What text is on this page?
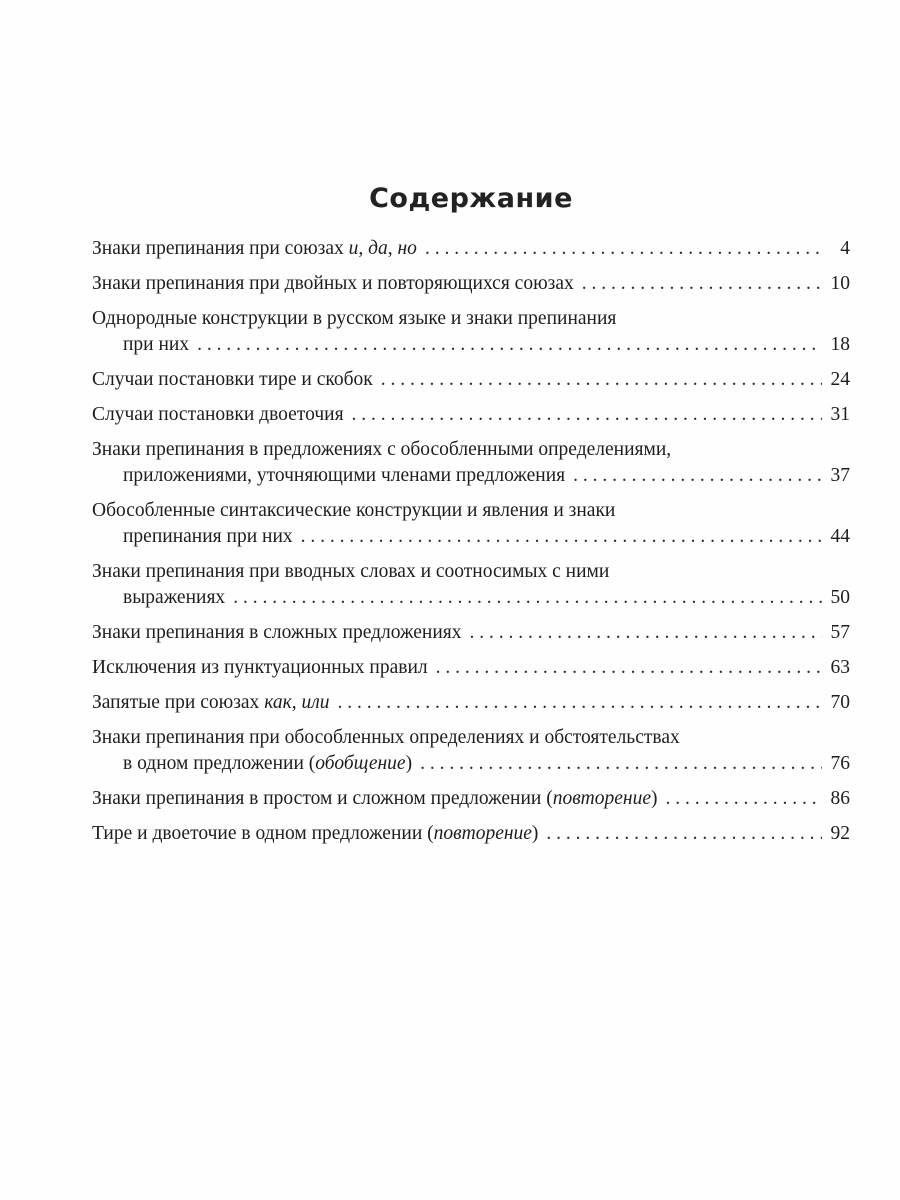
Содержание
Знаки препинания при союзах и, да, но . . .	4
Знаки препинания при двойных и повторяющихся союзах . . .	10
Однородные конструкции в русском языке и знаки препинания
при них . . .	18
Случаи постановки тире и скобок . . .	24
Случаи постановки двоеточия . . .	31
Знаки препинания в предложениях с обособленными определениями,
приложениями, уточняющими членами предложения . . .	37
Обособленные синтаксические конструкции и явления и знаки
препинания при них . . .	44
Знаки препинания при вводных словах и соотносимых с ними
выражениях . . .	50
Знаки препинания в сложных предложениях . . .	57
Исключения из пунктуационных правил . . .	63
Запятые при союзах как, или . . .	70
Знаки препинания при обособленных определениях и обстоятельствах
в одном предложении (обобщение) . . .	76
Знаки препинания в простом и сложном предложении (повторение) . . .	86
Тире и двоеточие в одном предложении (повторение) . . .	92
